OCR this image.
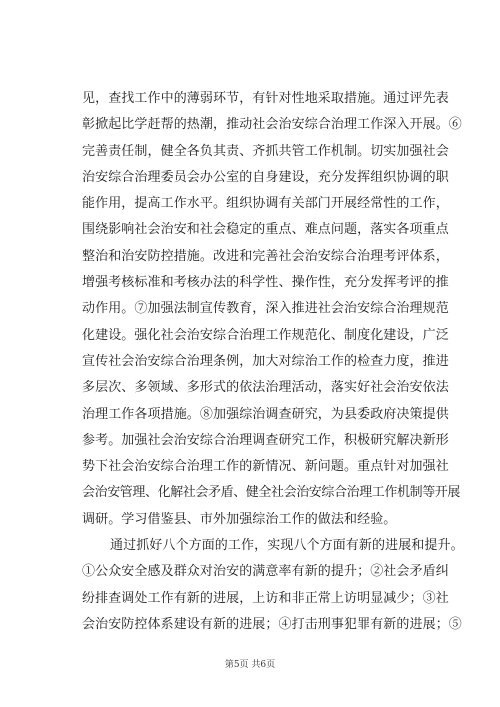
见，查找工作中的薄弱环节，有针对性地采取措施。通过评先表
彰掀起比学赶帮的热潮，推动社会治安综合治理工作深入开展。⑥
完善责任制，健全各负其责、齐抓共管工作机制。切实加强社会
治安综合治理委员会办公室的自身建设，充分发挥组织协调的职
能作用，提高工作水平。组织协调有关部门开展经常性的工作，
围绕影响社会治安和社会稳定的重点、难点问题，落实各项重点
整治和治安防控措施。改进和完善社会治安综合治理考评体系，
增强考核标准和考核办法的科学性、操作性，充分发挥考评的推
动作用。⑦加强法制宣传教育，深入推进社会治安综合治理规范
化建设。强化社会治安综合治理工作规范化、制度化建设，广泛
宣传社会治安综合治理条例，加大对综治工作的检查力度，推进
多层次、多领域、多形式的依法治理活动，落实好社会治安依法
治理工作各项措施。⑧加强综治调查研究，为县委政府决策提供
参考。加强社会治安综合治理调查研究工作，积极研究解决新形
势下社会治安综合治理工作的新情况、新问题。重点针对加强社
会治安管理、化解社会矛盾、健全社会治安综合治理工作机制等开展
调研。学习借鉴县、市外加强综治工作的做法和经验。
通过抓好八个方面的工作，实现八个方面有新的进展和提升。
①公众安全感及群众对治安的满意率有新的提升；②社会矛盾纠
纷排查调处工作有新的进展，上访和非正常上访明显减少；③社
会治安防控体系建设有新的进展；④打击刑事犯罪有新的进展；⑤
第5页 共6页
